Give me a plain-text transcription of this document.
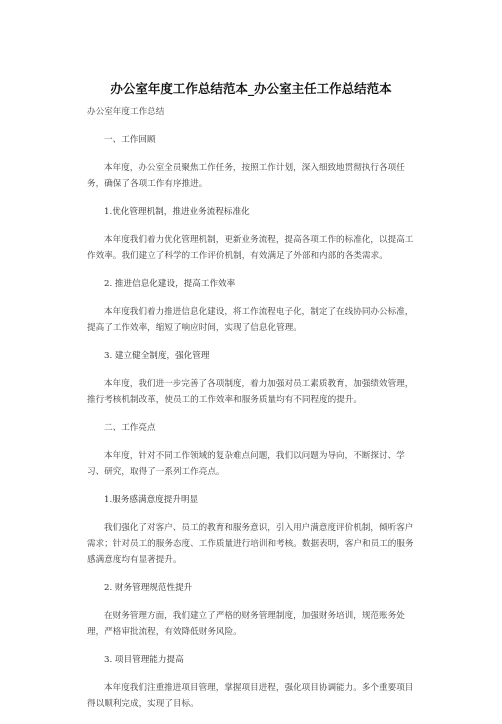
办公室年度工作总结范本_办公室主任工作总结范本

办公室年度工作总结

一、工作回顾

本年度，办公室全员聚焦工作任务，按照工作计划，深入细致地贯彻执行各项任务，确保了各项工作有序推进。

1.优化管理机制，推进业务流程标准化

本年度我们着力优化管理机制，更新业务流程，提高各项工作的标准化，以提高工作效率。我们建立了科学的工作评价机制，有效满足了外部和内部的各类需求。

2. 推进信息化建设，提高工作效率

本年度我们着力推进信息化建设，将工作流程电子化，制定了在线协同办公标准，提高了工作效率，缩短了响应时间，实现了信息化管理。

3. 建立健全制度，强化管理

本年度，我们进一步完善了各项制度，着力加强对员工素质教育，加强绩效管理，推行考核机制改革，使员工的工作效率和服务质量均有不同程度的提升。

二、工作亮点

本年度，针对不同工作领域的复杂难点问题，我们以问题为导向，不断探讨、学习、研究，取得了一系列工作亮点。

1.服务感满意度提升明显

我们强化了对客户、员工的教育和服务意识，引入用户满意度评价机制，倾听客户需求；针对员工的服务态度、工作质量进行培训和考核。数据表明，客户和员工的服务感满意度均有显著提升。

2. 财务管理规范性提升

在财务管理方面，我们建立了严格的财务管理制度，加强财务培训，规范账务处理，严格审批流程，有效降低财务风险。

3. 项目管理能力提高

本年度我们注重推进项目管理，掌握项目进程，强化项目协调能力。多个重要项目得以顺利完成，实现了目标。
